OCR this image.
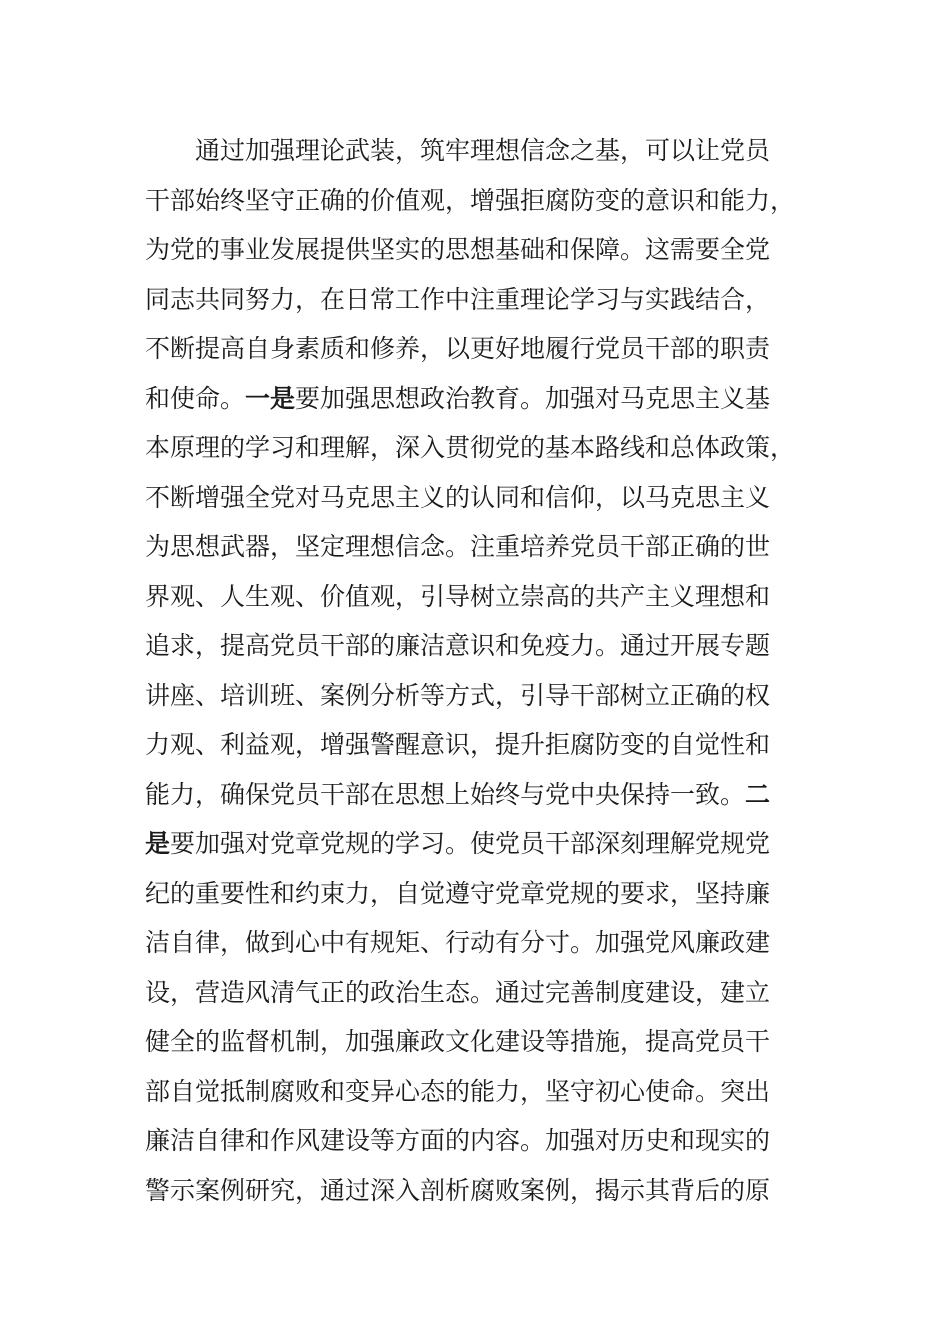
通过加强理论武装，筑牢理想信念之基，可以让党员
干部始终坚守正确的价值观，增强拒腐防变的意识和能力，
为党的事业发展提供坚实的思想基础和保障。这需要全党
同志共同努力，在日常工作中注重理论学习与实践结合，
不断提高自身素质和修养，以更好地履行党员干部的职责
和使命。一是要加强思想政治教育。加强对马克思主义基
本原理的学习和理解，深入贯彻党的基本路线和总体政策，
不断增强全党对马克思主义的认同和信仰，以马克思主义
为思想武器，坚定理想信念。注重培养党员干部正确的世
界观、人生观、价值观，引导树立崇高的共产主义理想和
追求，提高党员干部的廉洁意识和免疫力。通过开展专题
讲座、培训班、案例分析等方式，引导干部树立正确的权
力观、利益观，增强警醒意识，提升拒腐防变的自觉性和
能力，确保党员干部在思想上始终与党中央保持一致。二
是要加强对党章党规的学习。使党员干部深刻理解党规党
纪的重要性和约束力，自觉遵守党章党规的要求，坚持廉
洁自律，做到心中有规矩、行动有分寸。加强党风廉政建
设，营造风清气正的政治生态。通过完善制度建设，建立
健全的监督机制，加强廉政文化建设等措施，提高党员干
部自觉抵制腐败和变异心态的能力，坚守初心使命。突出
廉洁自律和作风建设等方面的内容。加强对历史和现实的
警示案例研究，通过深入剖析腐败案例，揭示其背后的原
